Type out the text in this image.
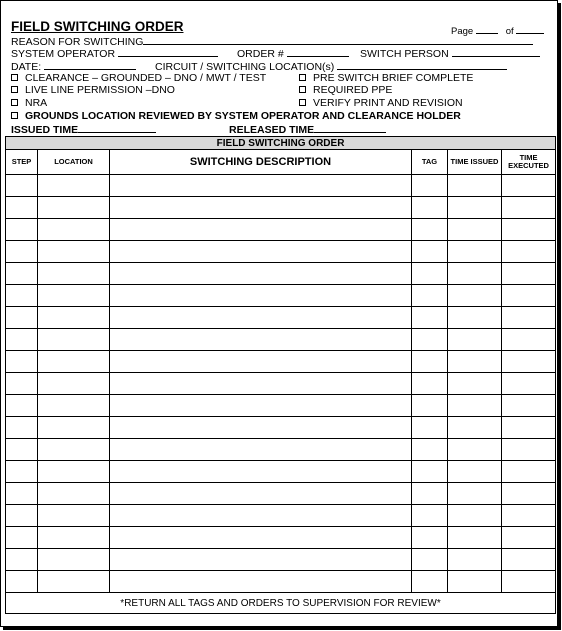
FIELD SWITCHING ORDER	Page	of
REASON FOR SWITCHING
SYSTEM OPERATOR	ORDER #	SWITCH PERSON
DATE:	CIRCUIT / SWITCHING LOCATION(s)
CLEARANCE – GROUNDED – DNO / MWT / TEST
LIVE LINE PERMISSION –DNO
NRA
PRE SWITCH BRIEF COMPLETE
REQUIRED PPE
VERIFY PRINT AND REVISION
GROUNDS LOCATION REVIEWED BY SYSTEM OPERATOR AND CLEARANCE HOLDER
ISSUED TIME	RELEASED TIME
FIELD SWITCHING ORDER					
STEP	LOCATION	SWITCHING DESCRIPTION	TAG	TIME ISSUED	TIME EXECUTED

*RETURN ALL TAGS AND ORDERS TO SUPERVISION FOR REVIEW*					
